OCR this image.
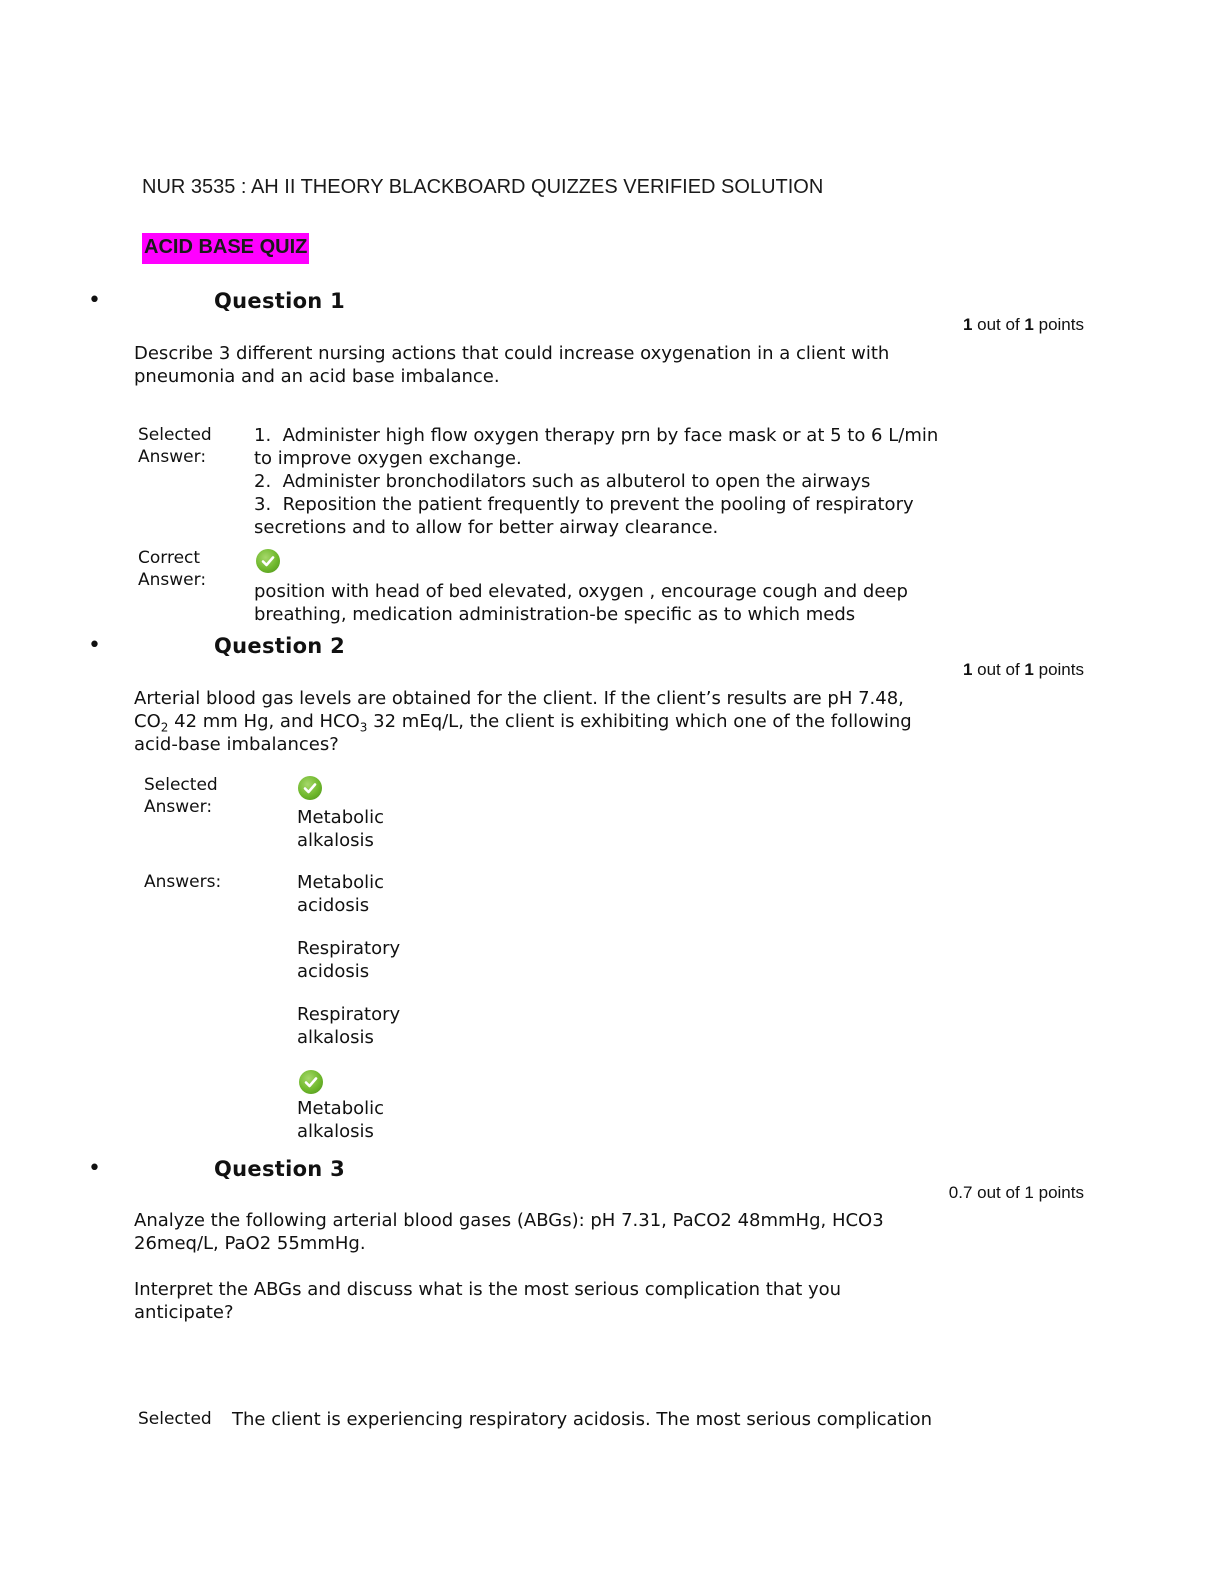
NUR 3535 : AH II THEORY BLACKBOARD QUIZZES VERIFIED SOLUTION
ACID BASE QUIZ
•	Question 1
1 out of 1 points
Describe 3 different nursing actions that could increase oxygenation in a client with
pneumonia and an acid base imbalance.
Selected
Answer:
1. Administer high flow oxygen therapy prn by face mask or at 5 to 6 L/min
to improve oxygen exchange.
2. Administer bronchodilators such as albuterol to open the airways
3. Reposition the patient frequently to prevent the pooling of respiratory
secretions and to allow for better airway clearance.
Correct
Answer:
position with head of bed elevated, oxygen , encourage cough and deep
breathing, medication administration-be specific as to which meds
•	Question 2
1 out of 1 points
Arterial blood gas levels are obtained for the client. If the client’s results are pH 7.48,
$CO_2$ 42 mm Hg, and $HCO_3$ 32 mEq/L, the client is exhibiting which one of the following
acid-base imbalances?
Selected
Answer:	Metabolic
alkalosis
Answers:	Metabolic
acidosis
Respiratory
acidosis
Respiratory
alkalosis
Metabolic
alkalosis
•	Question 3
0.7 out of 1 points
Analyze the following arterial blood gases (ABGs): pH 7.31, PaCO2 48mmHg, HCO3
26meq/L, PaO2 55mmHg.
Interpret the ABGs and discuss what is the most serious complication that you
anticipate?
Selected The client is experiencing respiratory acidosis. The most serious complication
